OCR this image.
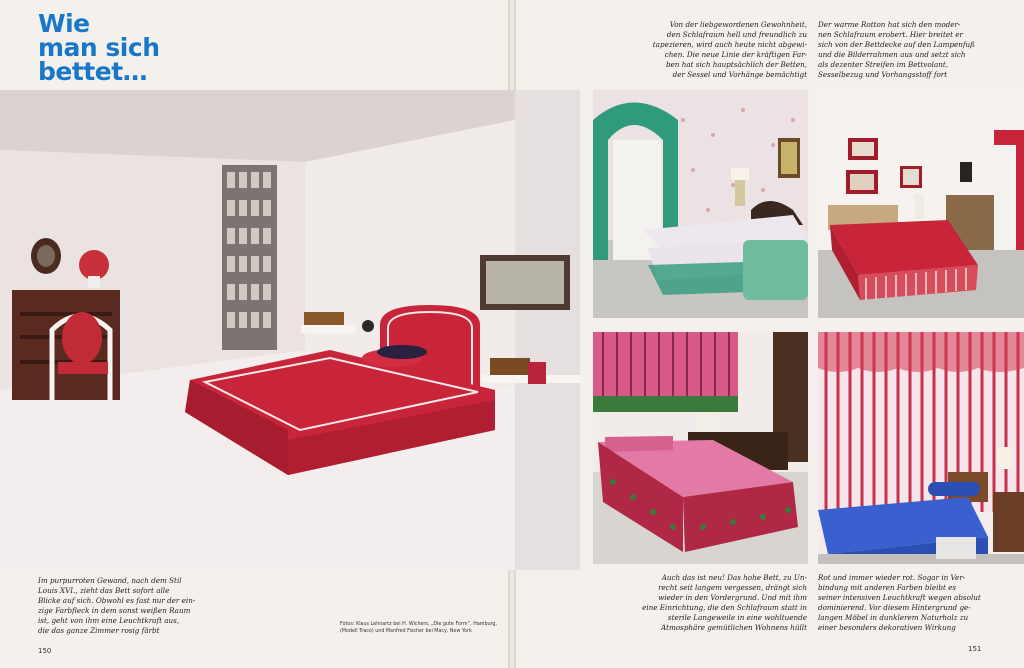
Wie
man sich
bettet…
Von der liebgewordenen Gewohnheit,
den Schlafraum hell und freundlich zu
tapezieren, wird auch heute nicht abgewi-
chen. Die neue Linie der kräftigen Far-
ben hat sich hauptsächlich der Betten,
der Sessel und Vorhänge bemächtigt
Der warme Rotton hat sich den moder-
nen Schlafraum erobert. Hier breitet er
sich von der Bettdecke auf den Lampenfuß
und die Bilderrahmen aus und setzt sich
als dezenter Streifen im Bettvolant,
Sesselbezug und Vorhangsstoff fort
Im purpurroten Gewand, nach dem Stil
Louis XVI., zieht das Bett sofort alle
Blicke auf sich. Obwohl es fast nur der ein-
zige Farbfleck in dem sonst weißen Raum
ist, geht von ihm eine Leuchtkraft aus,
die das ganze Zimmer rosig färbt
Fotos: Klaus Lehnartz bei H. Wichers, „Die gute Form“, Hamburg, (Modell Traco) und Manfred Fischer bei Macy, New York
Auch das ist neu! Das hohe Bett, zu Un-
recht seit langem vergessen, drängt sich
wieder in den Vordergrund. Und mit ihm
eine Einrichtung, die den Schlafraum statt in
sterile Langeweile in eine wohltuende
Atmosphäre gemütlichen Wohnens hüllt
Rot und immer wieder rot. Sogar in Ver-
bindung mit anderen Farben bleibt es
seiner intensiven Leuchtkraft wegen absolut
dominierend. Vor diesem Hintergrund ge-
langen Möbel in dunklerem Naturholz zu
einer besonders dekorativen Wirkung
150	151
